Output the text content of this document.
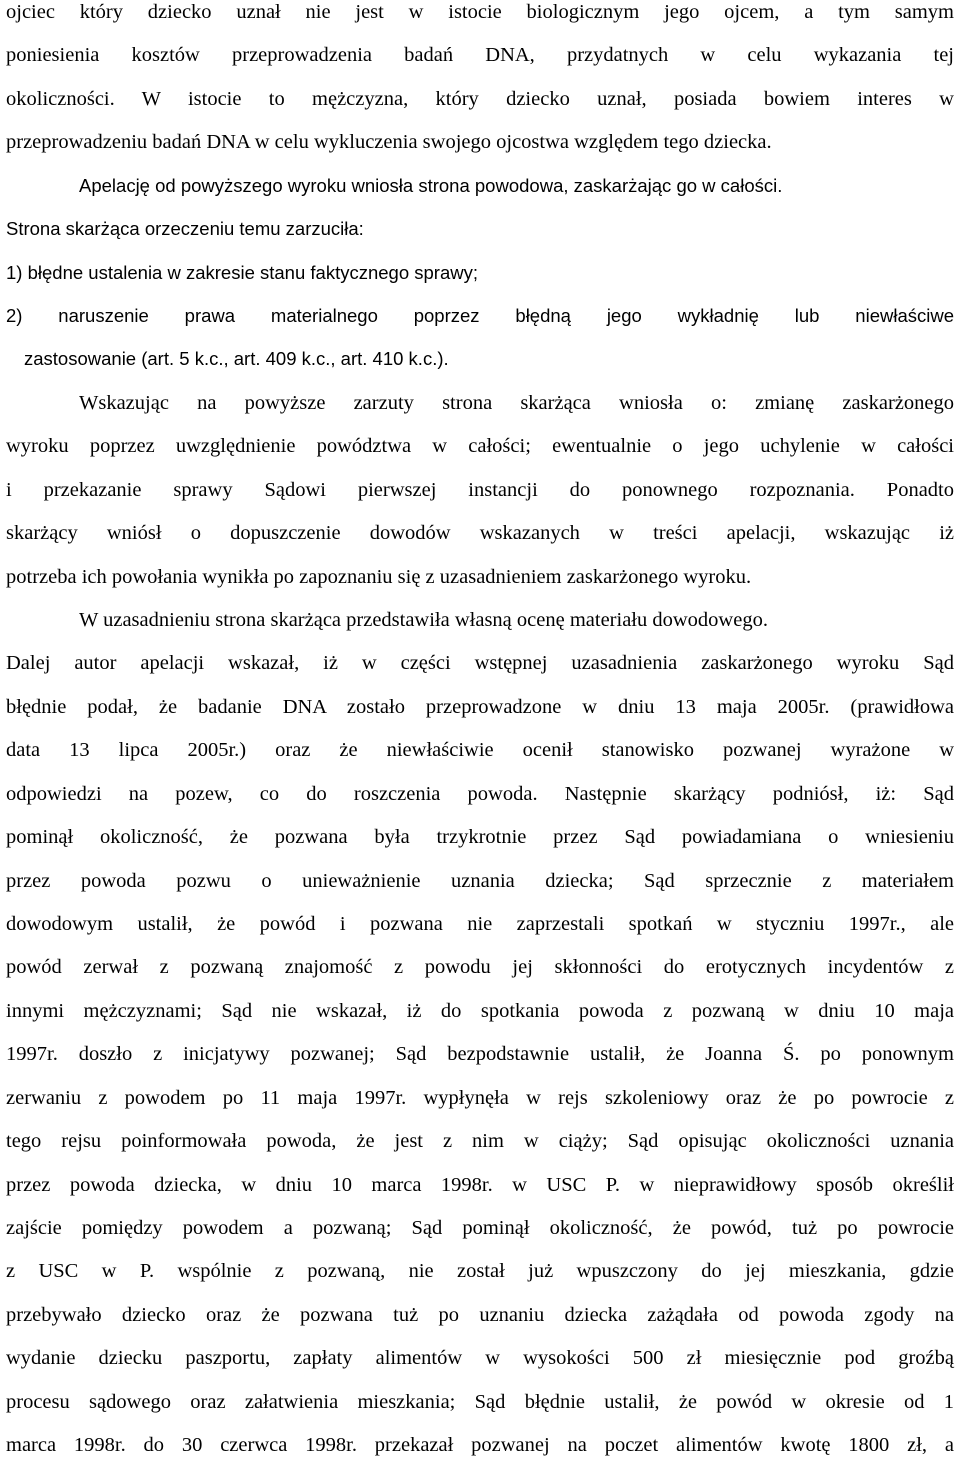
ojciec który dziecko uznał nie jest w istocie biologicznym jego ojcem, a tym samym
poniesienia kosztów przeprowadzenia badań DNA, przydatnych w celu wykazania tej
okoliczności. W istocie to mężczyzna, który dziecko uznał, posiada bowiem interes w
przeprowadzeniu badań DNA w celu wykluczenia swojego ojcostwa względem tego dziecka.
Apelację od powyższego wyroku wniosła strona powodowa, zaskarżając go w całości.
Strona skarżąca orzeczeniu temu zarzuciła:
1) błędne ustalenia w zakresie stanu faktycznego sprawy;
2) naruszenie prawa materialnego poprzez błędną jego wykładnię lub niewłaściwe
zastosowanie (art. 5 k.c., art. 409 k.c., art. 410 k.c.).
Wskazując na powyższe zarzuty strona skarżąca wniosła o: zmianę zaskarżonego
wyroku poprzez uwzględnienie powództwa w całości; ewentualnie o jego uchylenie w całości
i przekazanie sprawy Sądowi pierwszej instancji do ponownego rozpoznania. Ponadto
skarżący wniósł o dopuszczenie dowodów wskazanych w treści apelacji, wskazując iż
potrzeba ich powołania wynikła po zapoznaniu się z uzasadnieniem zaskarżonego wyroku.
W uzasadnieniu strona skarżąca przedstawiła własną ocenę materiału dowodowego.
Dalej autor apelacji wskazał, iż w części wstępnej uzasadnienia zaskarżonego wyroku Sąd
błędnie podał, że badanie DNA zostało przeprowadzone w dniu 13 maja 2005r. (prawidłowa
data 13 lipca 2005r.) oraz że niewłaściwie ocenił stanowisko pozwanej wyrażone w
odpowiedzi na pozew, co do roszczenia powoda. Następnie skarżący podniósł, iż: Sąd
pominął okoliczność, że pozwana była trzykrotnie przez Sąd powiadamiana o wniesieniu
przez powoda pozwu o unieważnienie uznania dziecka; Sąd sprzecznie z materiałem
dowodowym ustalił, że powód i pozwana nie zaprzestali spotkań w styczniu 1997r., ale
powód zerwał z pozwaną znajomość z powodu jej skłonności do erotycznych incydentów z
innymi mężczyznami; Sąd nie wskazał, iż do spotkania powoda z pozwaną w dniu 10 maja
1997r. doszło z inicjatywy pozwanej; Sąd bezpodstawnie ustalił, że Joanna Ś. po ponownym
zerwaniu z powodem po 11 maja 1997r. wypłynęła w rejs szkoleniowy oraz że po powrocie z
tego rejsu poinformowała powoda, że jest z nim w ciąży; Sąd opisując okoliczności uznania
przez powoda dziecka, w dniu 10 marca 1998r. w USC P. w nieprawidłowy sposób określił
zajście pomiędzy powodem a pozwaną; Sąd pominął okoliczność, że powód, tuż po powrocie
z USC w P. wspólnie z pozwaną, nie został już wpuszczony do jej mieszkania, gdzie
przebywało dziecko oraz że pozwana tuż po uznaniu dziecka zażądała od powoda zgody na
wydanie dziecku paszportu, zapłaty alimentów w wysokości 500 zł miesięcznie pod groźbą
procesu sądowego oraz załatwienia mieszkania; Sąd błędnie ustalił, że powód w okresie od 1
marca 1998r. do 30 czerwca 1998r. przekazał pozwanej na poczet alimentów kwotę 1800 zł, a
